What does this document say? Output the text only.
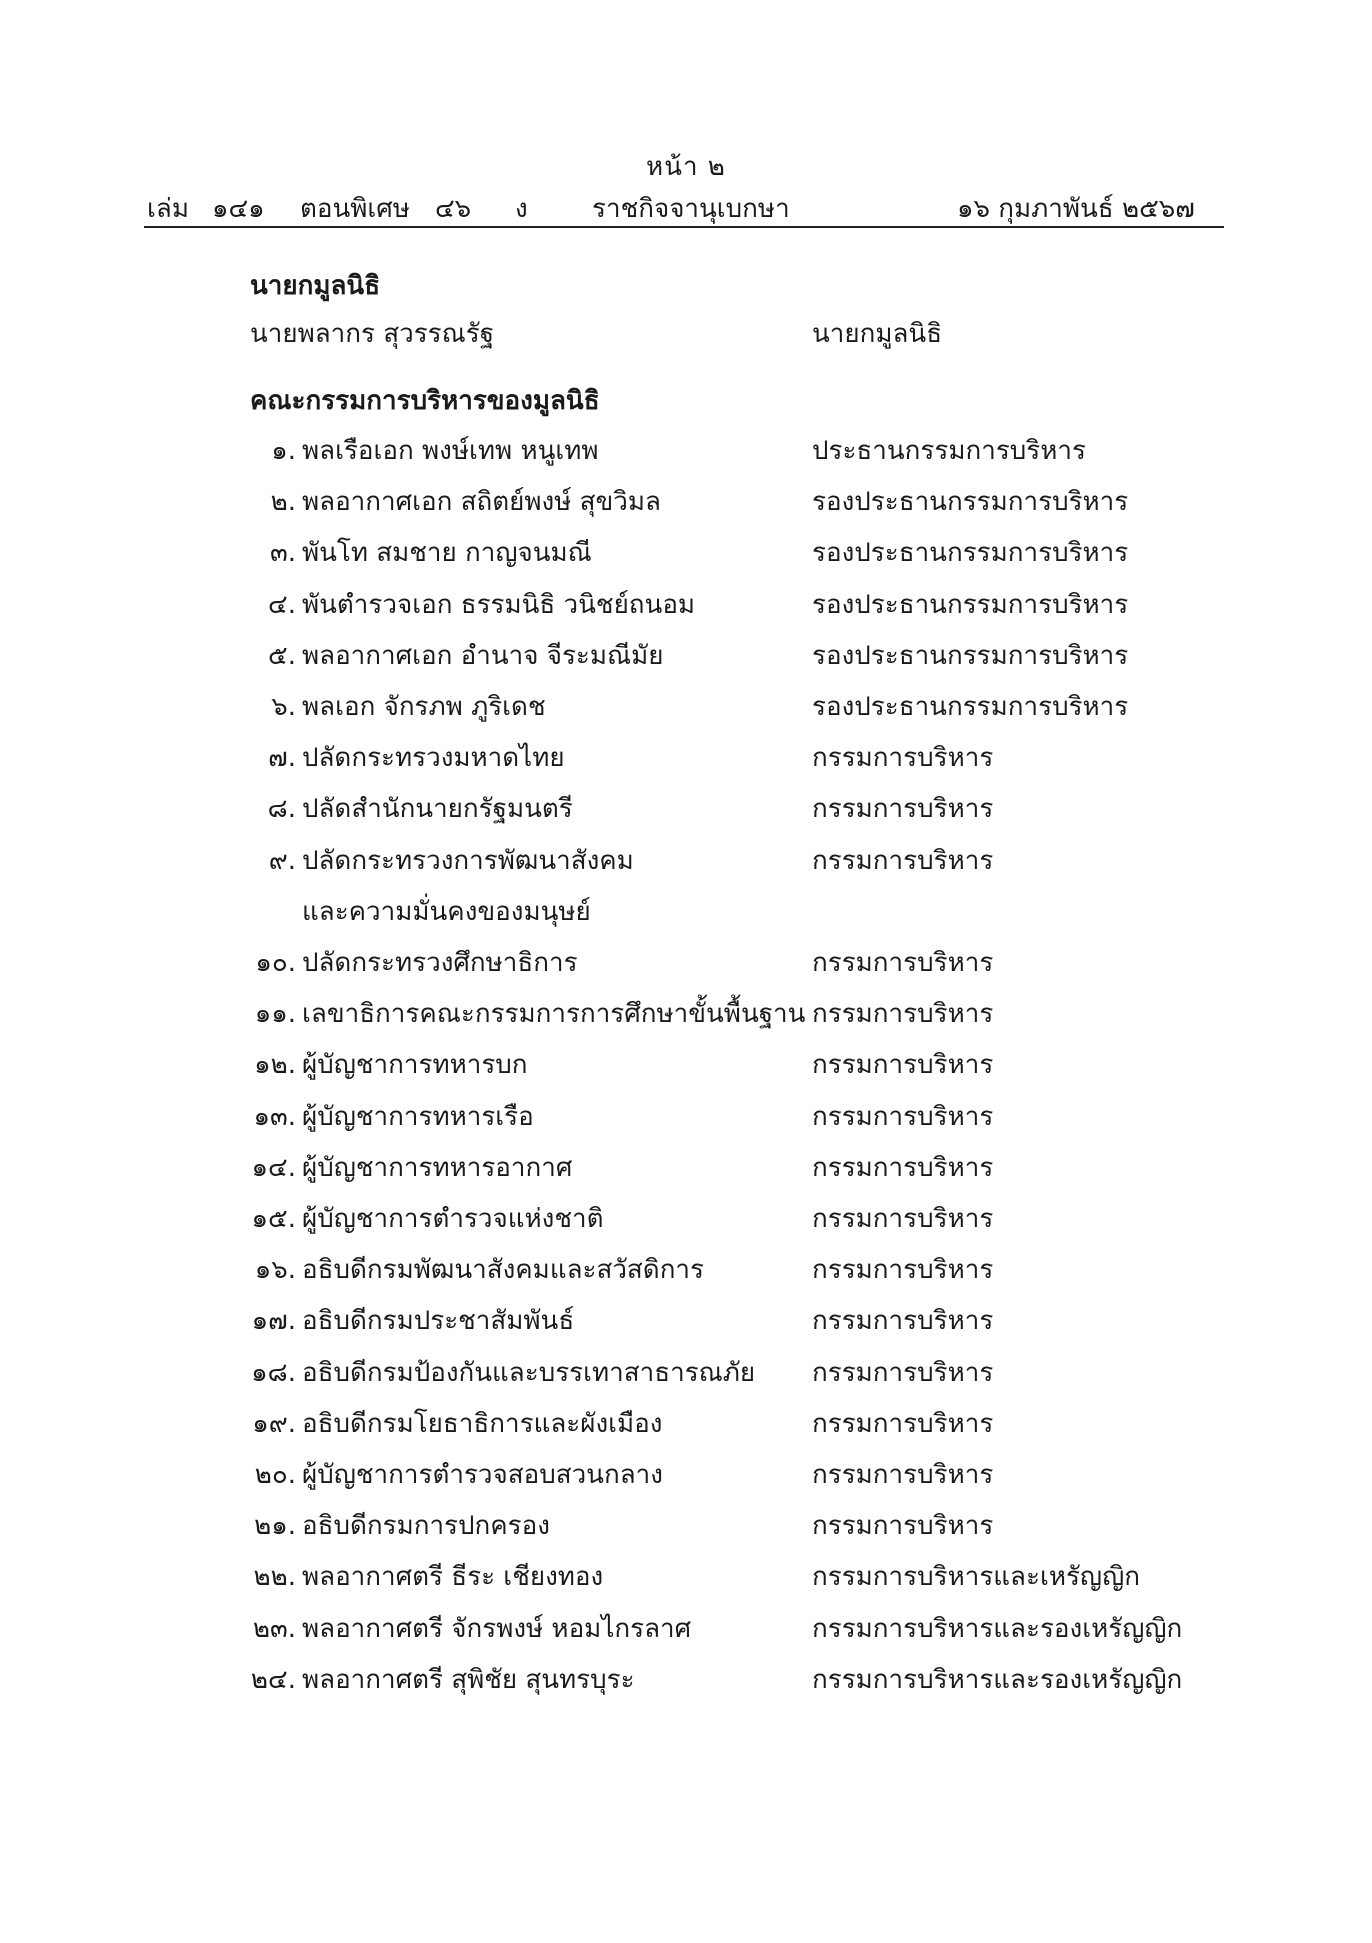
หน้า ๒
เล่ม ๑๔๑ ตอนพิเศษ ๔๖ ง ราชกิจจานุเบกษา	๑๖ กุมภาพันธ์ ๒๕๖๗
นายกมูลนิธิ
นายพลากร สุวรรณรัฐ	นายกมูลนิธิ
คณะกรรมการบริหารของมูลนิธิ
๑. พลเรือเอก พงษ์เทพ หนูเทพ	ประธานกรรมการบริหาร
๒. พลอากาศเอก สถิตย์พงษ์ สุขวิมล	รองประธานกรรมการบริหาร
๓. พันโท สมชาย กาญจนมณี	รองประธานกรรมการบริหาร
๔. พันตำรวจเอก ธรรมนิธิ วนิชย์ถนอม	รองประธานกรรมการบริหาร
๕. พลอากาศเอก อำนาจ จีระมณีมัย	รองประธานกรรมการบริหาร
๖. พลเอก จักรภพ ภูริเดช	รองประธานกรรมการบริหาร
๗. ปลัดกระทรวงมหาดไทย	กรรมการบริหาร
๘. ปลัดสำนักนายกรัฐมนตรี	กรรมการบริหาร
๙. ปลัดกระทรวงการพัฒนาสังคม	กรรมการบริหาร
และความมั่นคงของมนุษย์
๑๐. ปลัดกระทรวงศึกษาธิการ	กรรมการบริหาร
๑๑. เลขาธิการคณะกรรมการการศึกษาขั้นพื้นฐาน กรรมการบริหาร
๑๒. ผู้บัญชาการทหารบก	กรรมการบริหาร
๑๓. ผู้บัญชาการทหารเรือ	กรรมการบริหาร
๑๔. ผู้บัญชาการทหารอากาศ	กรรมการบริหาร
๑๕. ผู้บัญชาการตำรวจแห่งชาติ	กรรมการบริหาร
๑๖. อธิบดีกรมพัฒนาสังคมและสวัสดิการ	กรรมการบริหาร
๑๗. อธิบดีกรมประชาสัมพันธ์	กรรมการบริหาร
๑๘. อธิบดีกรมป้องกันและบรรเทาสาธารณภัย กรรมการบริหาร
๑๙. อธิบดีกรมโยธาธิการและผังเมือง	กรรมการบริหาร
๒๐. ผู้บัญชาการตำรวจสอบสวนกลาง	กรรมการบริหาร
๒๑. อธิบดีกรมการปกครอง	กรรมการบริหาร
๒๒. พลอากาศตรี ธีระ เชียงทอง	กรรมการบริหารและเหรัญญิก
๒๓. พลอากาศตรี จักรพงษ์ หอมไกรลาศ	กรรมการบริหารและรองเหรัญญิก
๒๔. พลอากาศตรี สุพิชัย สุนทรบุระ	กรรมการบริหารและรองเหรัญญิก
